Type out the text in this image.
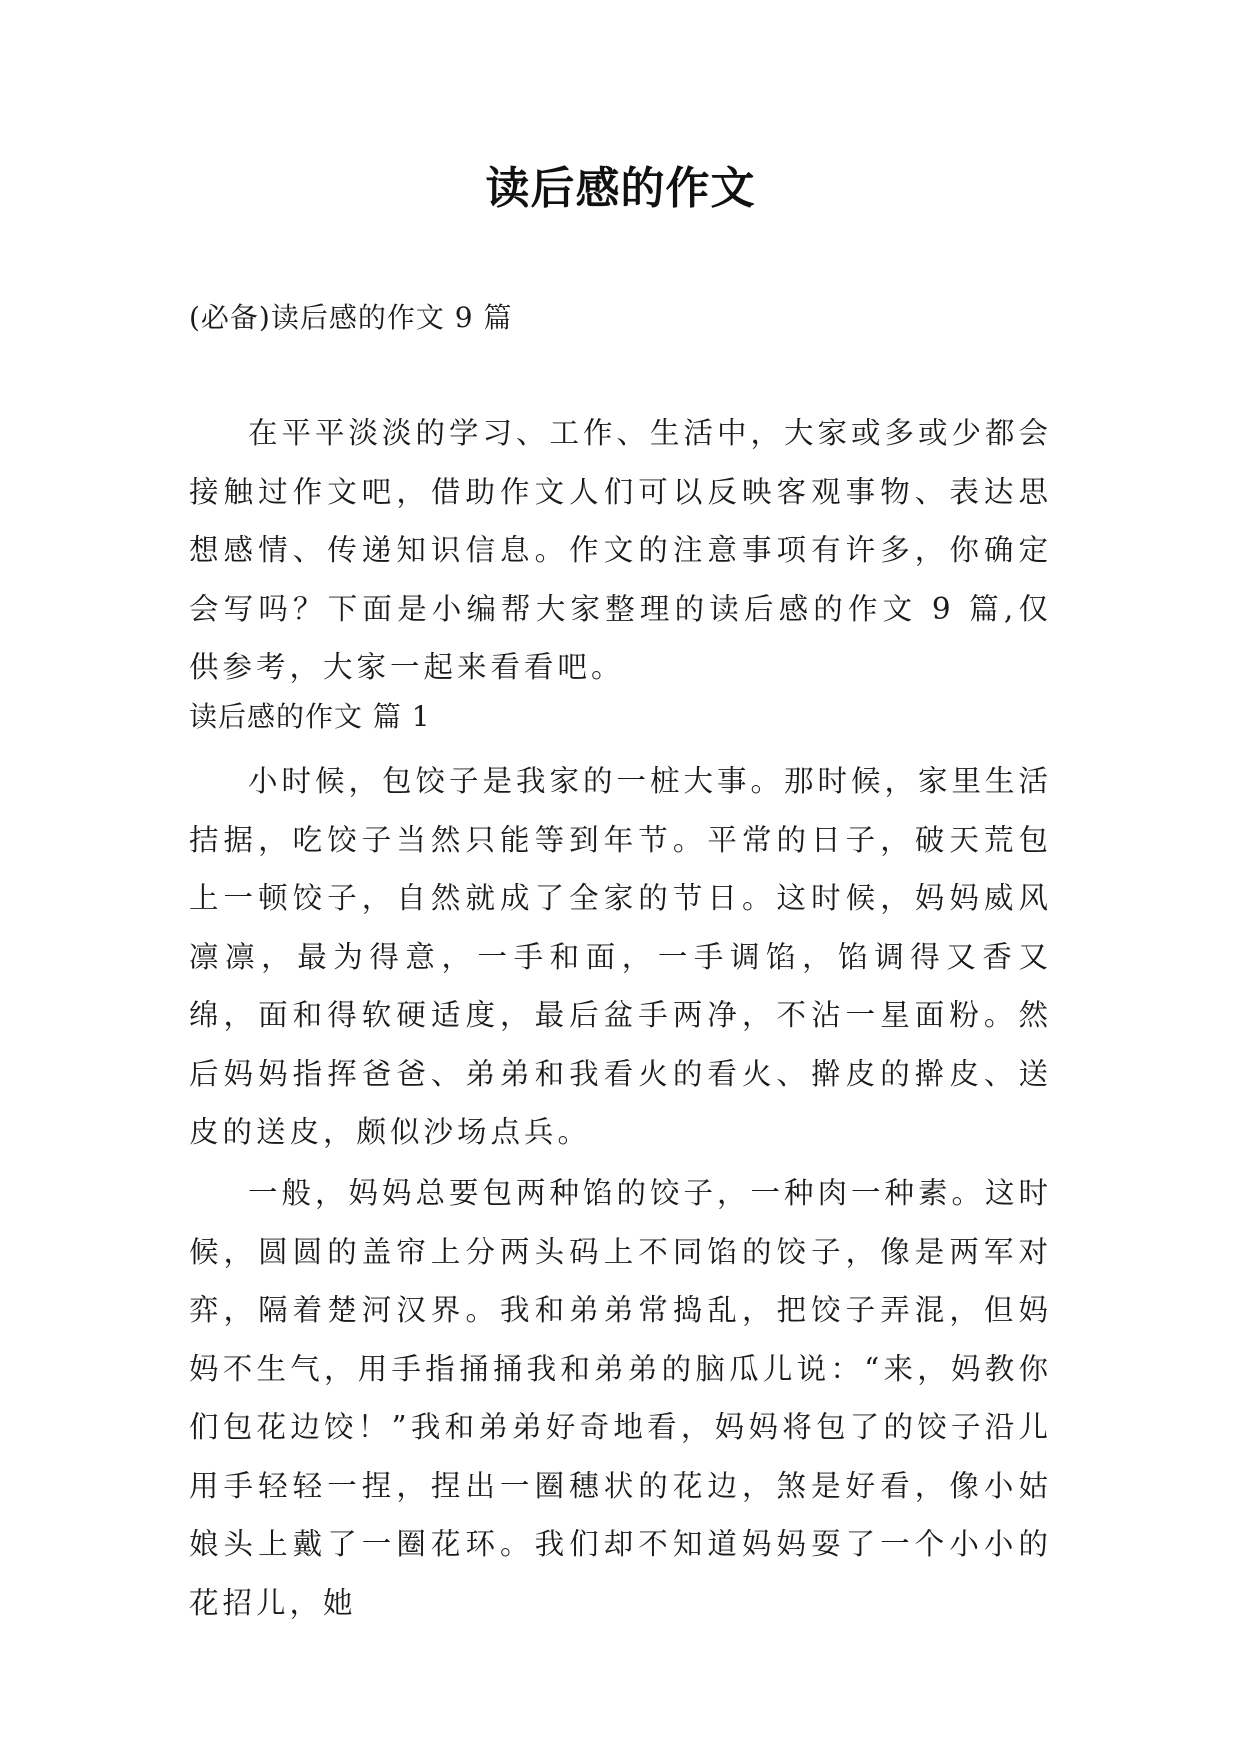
读后感的作文
(必备)读后感的作文 9 篇
在平平淡淡的学习、工作、生活中，大家或多或少都会接触过作文吧，借助作文人们可以反映客观事物、表达思想感情、传递知识信息。作文的注意事项有许多，你确定会写吗？下面是小编帮大家整理的读后感的作文 9 篇,仅供参考，大家一起来看看吧。
读后感的作文 篇 1
小时候，包饺子是我家的一桩大事。那时候，家里生活拮据，吃饺子当然只能等到年节。平常的日子，破天荒包上一顿饺子，自然就成了全家的节日。这时候，妈妈威风凛凛，最为得意，一手和面，一手调馅，馅调得又香又绵，面和得软硬适度，最后盆手两净，不沾一星面粉。然后妈妈指挥爸爸、弟弟和我看火的看火、擀皮的擀皮、送皮的送皮，颇似沙场点兵。
一般，妈妈总要包两种馅的饺子，一种肉一种素。这时候，圆圆的盖帘上分两头码上不同馅的饺子，像是两军对弈，隔着楚河汉界。我和弟弟常捣乱，把饺子弄混，但妈妈不生气，用手指捅捅我和弟弟的脑瓜儿说：“来，妈教你们包花边饺！”我和弟弟好奇地看，妈妈将包了的饺子沿儿用手轻轻一捏，捏出一圈穗状的花边，煞是好看，像小姑娘头上戴了一圈花环。我们却不知道妈妈耍了一个小小的花招儿，她
